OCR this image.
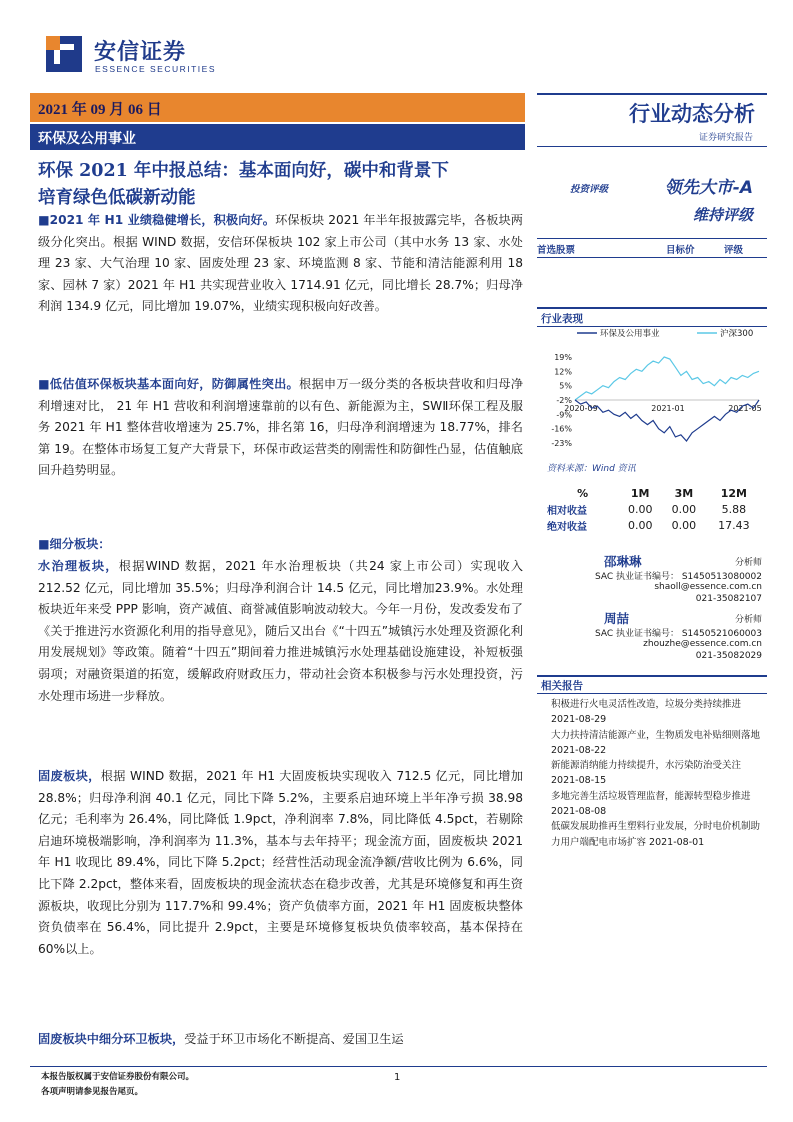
安信证券
ESSENCE SECURITIES
2021 年 09 月 06 日
环保及公用事业
行业动态分析
证券研究报告
环保 2021 年中报总结：基本面向好，碳中和背景下
培育绿色低碳新动能	投资评级	领先大市-A
维持评级
首选股票	目标价	评级
行业表现
环保及公用事业	沪深300
19%
12%
5%
-2%
-9%
-16%
-23%
2020-09	2021-01	2021-05
资料来源：Wind 资讯
%	1M	3M	12M
相对收益	0.00	0.00	5.88
绝对收益	0.00	0.00	17.43
邵琳琳	分析师
SAC 执业证书编号： S1450513080002
shaoll@essence.com.cn
021-35082107
周喆	分析师
SAC 执业证书编号： S1450521060003
zhouzhe@essence.com.cn
021-35082029
相关报告
积极进行火电灵活性改造，垃圾分类持续推进 2021-08-29
大力扶持清洁能源产业，生物质发电补贴细则落地 2021-08-22
新能源消纳能力持续提升，水污染防治受关注 2021-08-15
多地完善生活垃圾管理监督，能源转型稳步推进 2021-08-08
低碳发展助推再生塑料行业发展，分时电价机制助力用户端配电市场扩容 2021-08-01
■2021 年 H1 业绩稳健增长，积极向好。环保板块 2021 年半年报披露完毕，各板块两级分化突出。根据 WIND 数据，安信环保板块 102 家上市公司（其中水务 13 家、水处理 23 家、大气治理 10 家、固废处理 23 家、环境监测 8 家、节能和清洁能源利用 18 家、园林 7 家）2021 年 H1 共实现营业收入 1714.91 亿元，同比增长 28.7%；归母净利润 134.9 亿元，同比增加 19.07%，业绩实现积极向好改善。
■低估值环保板块基本面向好，防御属性突出。根据申万一级分类的各板块营收和归母净利增速对比， 21 年 H1 营收和利润增速靠前的以有色、新能源为主，SWⅡ环保工程及服务 2021 年 H1 整体营收增速为 25.7%，排名第 16，归母净利润增速为 18.77%，排名第 19。在整体市场复工复产大背景下，环保市政运营类的刚需性和防御性凸显，估值触底回升趋势明显。
■细分板块：
水治理板块，根据WIND 数据，2021 年水治理板块（共24 家上市公司）实现收入 212.52 亿元，同比增加 35.5%；归母净利润合计 14.5 亿元，同比增加23.9%。水处理板块近年来受 PPP 影响，资产减值、商誉减值影响波动较大。今年一月份，发改委发布了《关于推进污水资源化利用的指导意见》，随后又出台《“十四五”城镇污水处理及资源化利用发展规划》等政策。随着“十四五”期间着力推进城镇污水处理基础设施建设，补短板强弱项；对融资渠道的拓宽，缓解政府财政压力，带动社会资本积极参与污水处理投资，污水处理市场进一步释放。
固废板块，根据 WIND 数据，2021 年 H1 大固废板块实现收入 712.5 亿元，同比增加 28.8%；归母净利润 40.1 亿元，同比下降 5.2%，主要系启迪环境上半年净亏损 38.98 亿元；毛利率为 26.4%，同比降低 1.9pct，净利润率 7.8%，同比降低 4.5pct，若剔除启迪环境极端影响，净利润率为 11.3%，基本与去年持平；现金流方面，固废板块 2021 年 H1 收现比 89.4%，同比下降 5.2pct；经营性活动现金流净额/营收比例为 6.6%，同比下降 2.2pct，整体来看，固废板块的现金流状态在稳步改善，尤其是环境修复和再生资源板块，收现比分别为 117.7%和 99.4%；资产负债率方面，2021 年 H1 固废板块整体资负债率在 56.4%，同比提升 2.9pct，主要是环境修复板块负债率较高，基本保持在 60%以上。
固废板块中细分环卫板块，受益于环卫市场化不断提高、爱国卫生运
本报告版权属于安信证券股份有限公司。
各项声明请参见报告尾页。
1
